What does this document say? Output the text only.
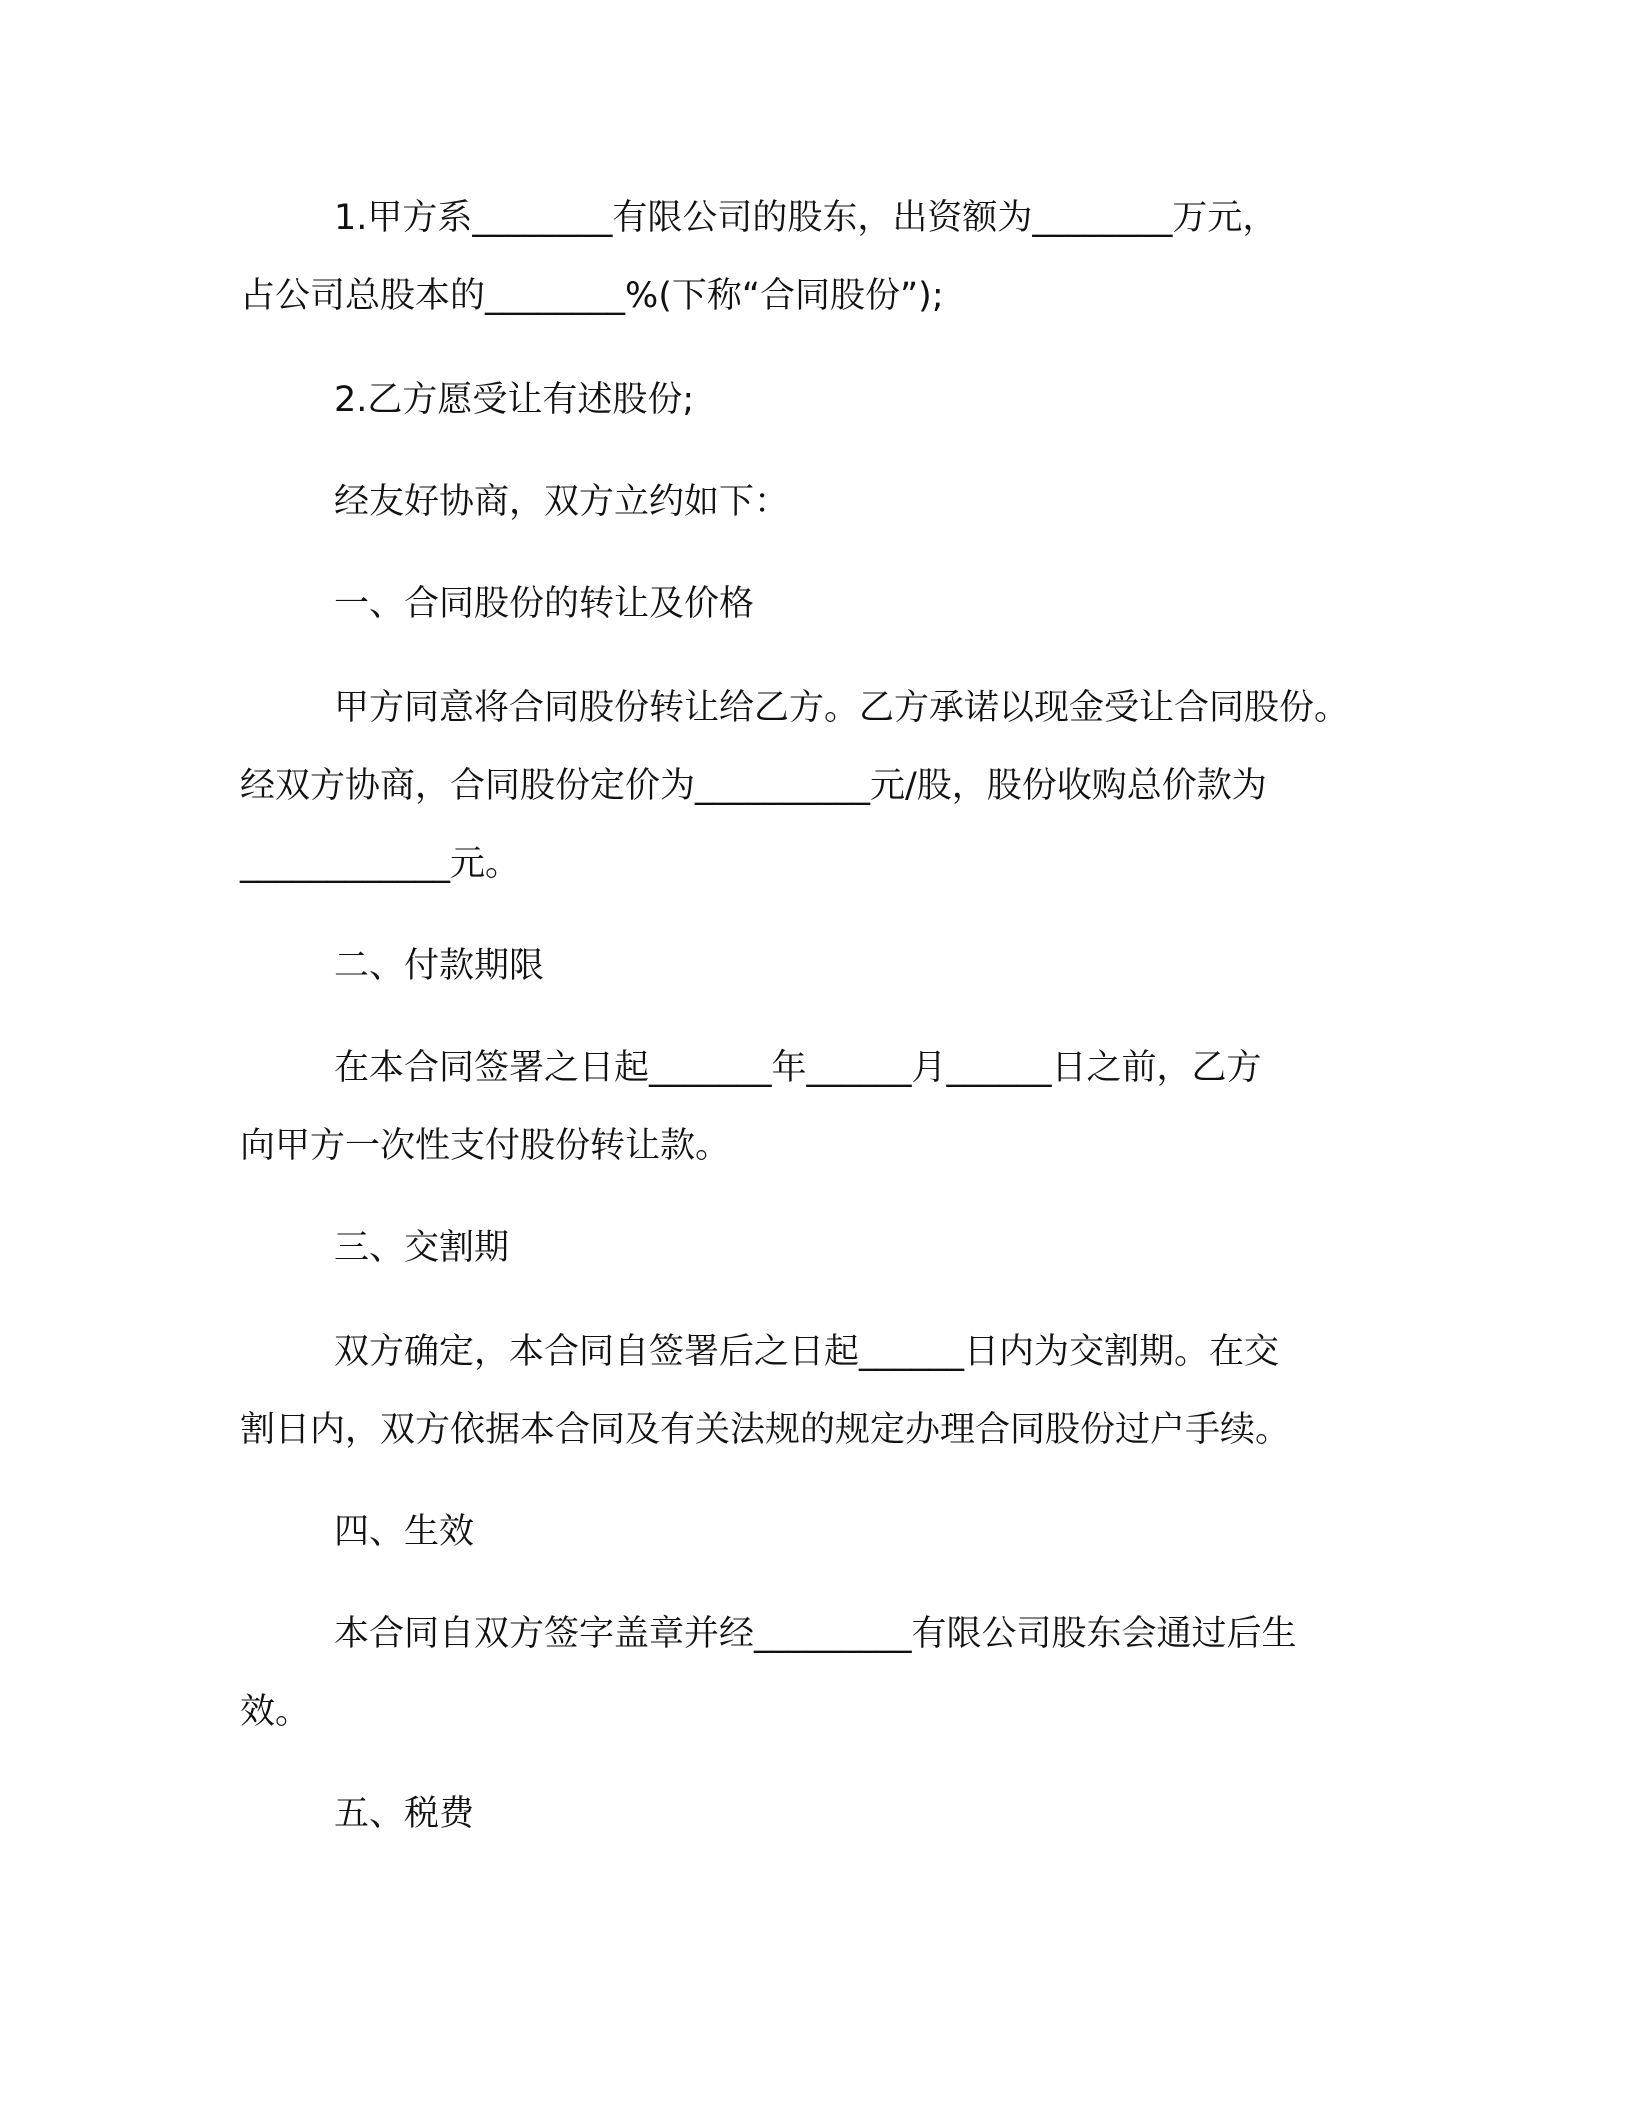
1.甲方系________有限公司的股东，出资额为________万元，
占公司总股本的________%(下称“合同股份”);
2.乙方愿受让有述股份;
经友好协商，双方立约如下：
一、合同股份的转让及价格
甲方同意将合同股份转让给乙方。乙方承诺以现金受让合同股份。
经双方协商，合同股份定价为__________元/股，股份收购总价款为
____________元。
二、付款期限
在本合同签署之日起_______年______月______日之前，乙方
向甲方一次性支付股份转让款。
三、交割期
双方确定，本合同自签署后之日起______日内为交割期。在交
割日内，双方依据本合同及有关法规的规定办理合同股份过户手续。
四、生效
本合同自双方签字盖章并经_________有限公司股东会通过后生
效。
五、税费
